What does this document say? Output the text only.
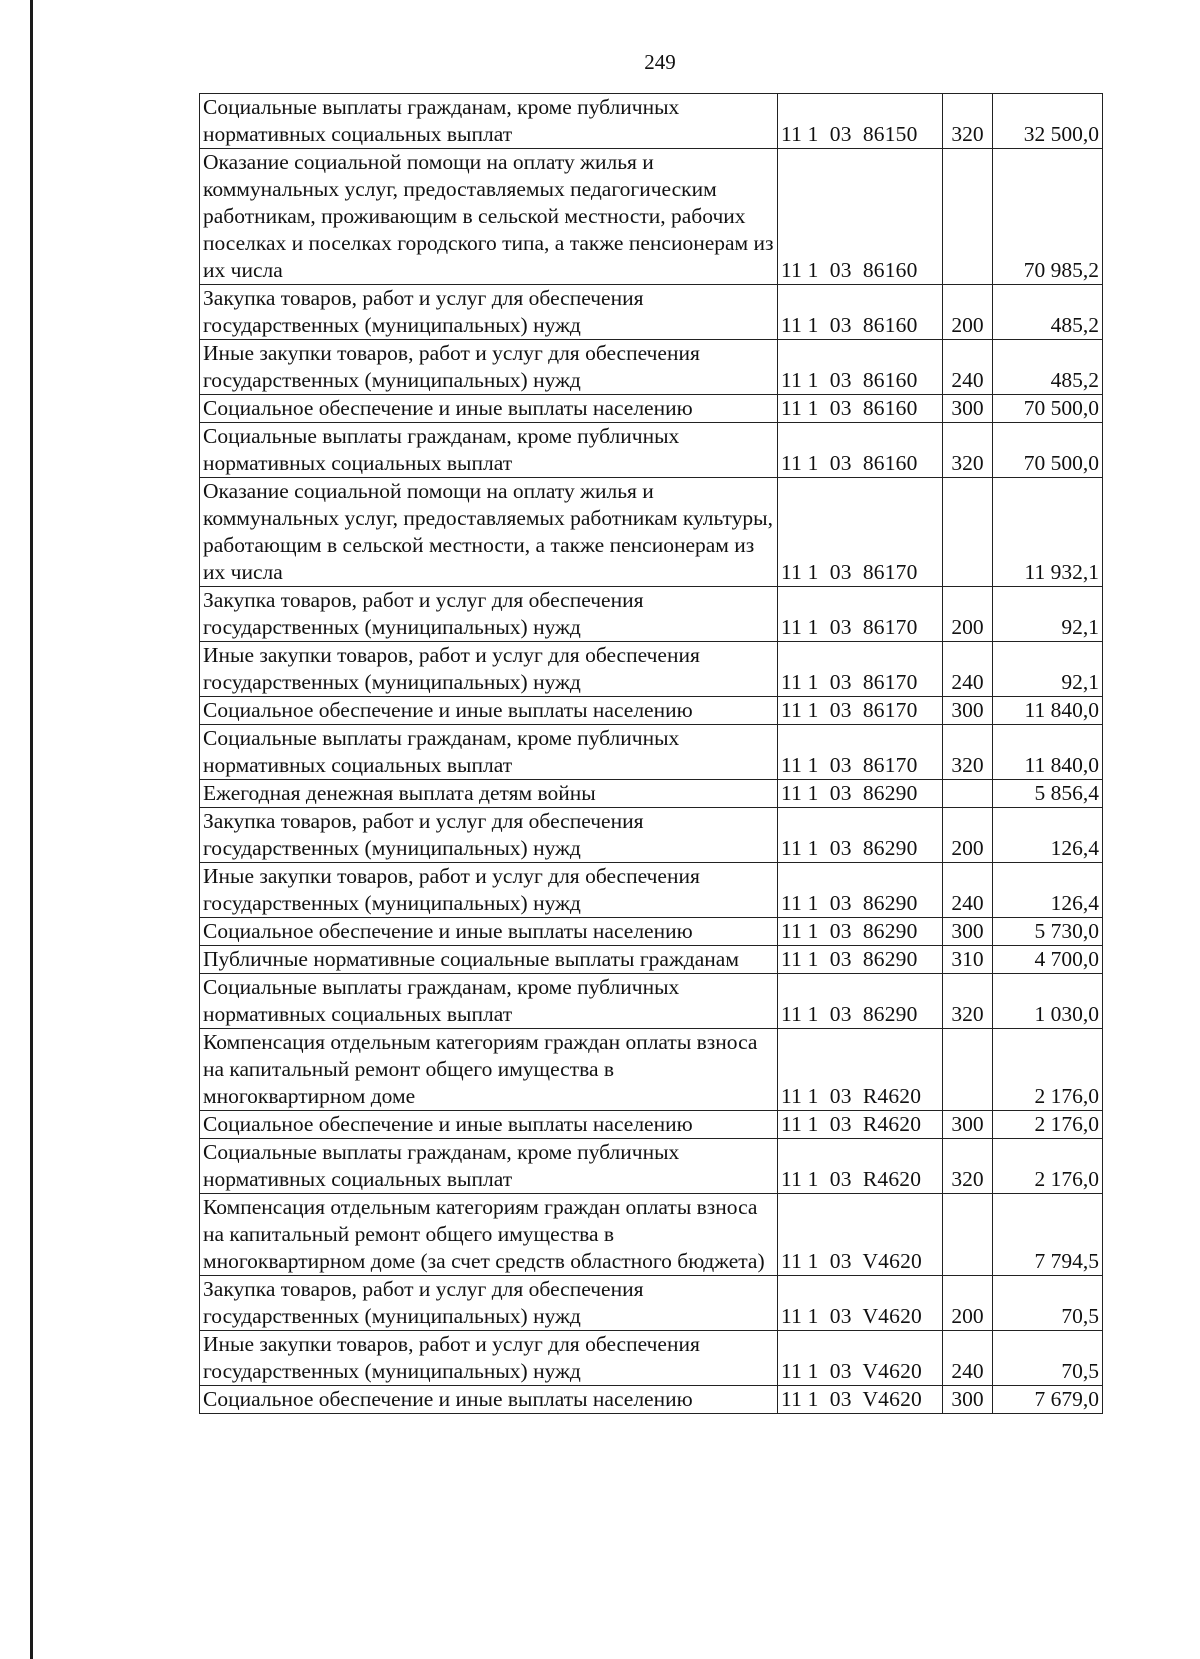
249
Социальные выплаты гражданам, кроме публичных нормативных социальных выплат	11 1  03  86150	320	32 500,0
Оказание социальной помощи на оплату жилья и коммунальных услуг, предоставляемых педагогическим работникам, проживающим в сельской местности, рабочих поселках и поселках городского типа, а также пенсионерам из их числа	11 1  03  86160		70 985,2
Закупка товаров, работ и услуг для обеспечения государственных (муниципальных) нужд	11 1  03  86160	200	485,2
Иные закупки товаров, работ и услуг для обеспечения государственных (муниципальных) нужд	11 1  03  86160	240	485,2
Социальное обеспечение и иные выплаты населению	11 1  03  86160	300	70 500,0
Социальные выплаты гражданам, кроме публичных нормативных социальных выплат	11 1  03  86160	320	70 500,0
Оказание социальной помощи на оплату жилья и коммунальных услуг, предоставляемых работникам культуры, работающим в сельской местности, а также пенсионерам из их числа	11 1  03  86170		11 932,1
Закупка товаров, работ и услуг для обеспечения государственных (муниципальных) нужд	11 1  03  86170	200	92,1
Иные закупки товаров, работ и услуг для обеспечения государственных (муниципальных) нужд	11 1  03  86170	240	92,1
Социальное обеспечение и иные выплаты населению	11 1  03  86170	300	11 840,0
Социальные выплаты гражданам, кроме публичных нормативных социальных выплат	11 1  03  86170	320	11 840,0
Ежегодная денежная выплата детям войны	11 1  03  86290		5 856,4
Закупка товаров, работ и услуг для обеспечения государственных (муниципальных) нужд	11 1  03  86290	200	126,4
Иные закупки товаров, работ и услуг для обеспечения государственных (муниципальных) нужд	11 1  03  86290	240	126,4
Социальное обеспечение и иные выплаты населению	11 1  03  86290	300	5 730,0
Публичные нормативные социальные выплаты гражданам	11 1  03  86290	310	4 700,0
Социальные выплаты гражданам, кроме публичных нормативных социальных выплат	11 1  03  86290	320	1 030,0
Компенсация отдельным категориям граждан оплаты взноса на капитальный ремонт общего имущества в многоквартирном доме	11 1  03  R4620		2 176,0
Социальное обеспечение и иные выплаты населению	11 1  03  R4620	300	2 176,0
Социальные выплаты гражданам, кроме публичных нормативных социальных выплат	11 1  03  R4620	320	2 176,0
Компенсация отдельным категориям граждан оплаты взноса на капитальный ремонт общего имущества в многоквартирном доме (за счет средств областного бюджета)	11 1  03  V4620		7 794,5
Закупка товаров, работ и услуг для обеспечения государственных (муниципальных) нужд	11 1  03  V4620	200	70,5
Иные закупки товаров, работ и услуг для обеспечения государственных (муниципальных) нужд	11 1  03  V4620	240	70,5
Социальное обеспечение и иные выплаты населению	11 1  03  V4620	300	7 679,0
